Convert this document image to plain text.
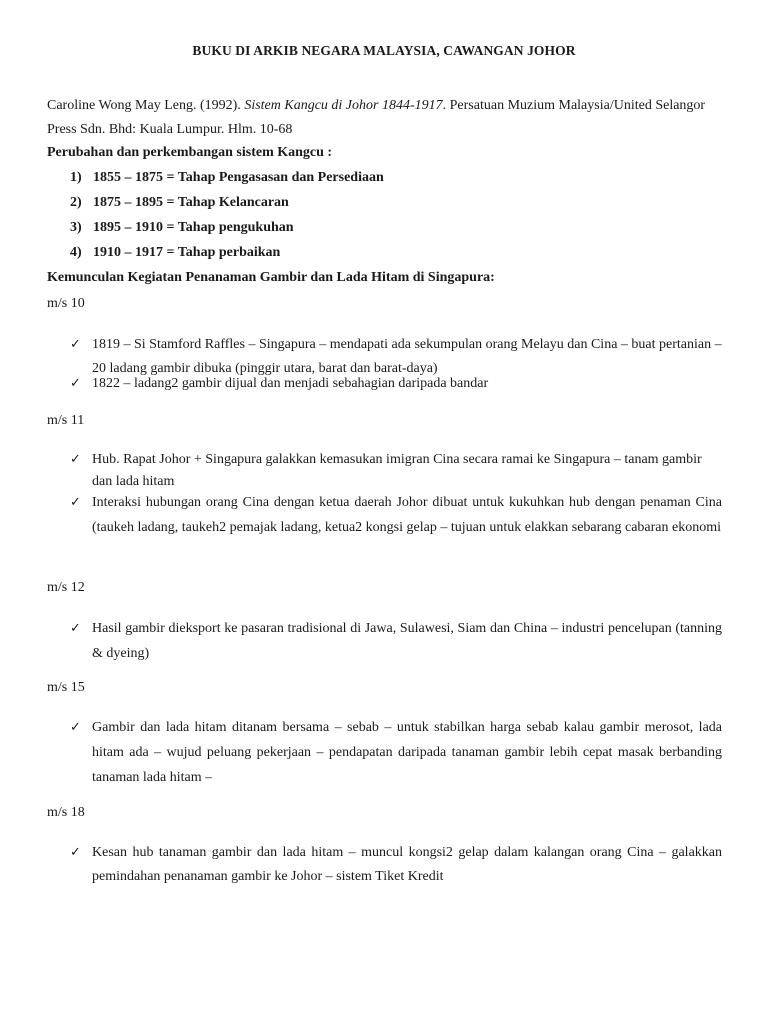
BUKU DI ARKIB NEGARA MALAYSIA, CAWANGAN JOHOR
Caroline Wong May Leng. (1992). Sistem Kangcu di Johor 1844-1917. Persatuan Muzium Malaysia/United Selangor Press Sdn. Bhd: Kuala Lumpur. Hlm. 10-68
Perubahan dan perkembangan sistem Kangcu :
1) 1855 – 1875 = Tahap Pengasasan dan Persediaan
2) 1875 – 1895 = Tahap Kelancaran
3) 1895 – 1910 = Tahap pengukuhan
4) 1910 – 1917 = Tahap perbaikan
Kemunculan Kegiatan Penanaman Gambir dan Lada Hitam di Singapura:
m/s 10
✓ 1819 – Si Stamford Raffles – Singapura – mendapati ada sekumpulan orang Melayu dan Cina – buat pertanian – 20 ladang gambir dibuka (pinggir utara, barat dan barat-daya)
✓ 1822 – ladang2 gambir dijual dan menjadi sebahagian daripada bandar
m/s 11
✓ Hub. Rapat Johor + Singapura galakkan kemasukan imigran Cina secara ramai ke Singapura – tanam gambir dan lada hitam
✓ Interaksi hubungan orang Cina dengan ketua daerah Johor dibuat untuk kukuhkan hub dengan penaman Cina (taukeh ladang, taukeh2 pemajak ladang, ketua2 kongsi gelap – tujuan untuk elakkan sebarang cabaran ekonomi
m/s 12
✓ Hasil gambir dieksport ke pasaran tradisional di Jawa, Sulawesi, Siam dan China – industri pencelupan (tanning & dyeing)
m/s 15
✓ Gambir dan lada hitam ditanam bersama – sebab – untuk stabilkan harga sebab kalau gambir merosot, lada hitam ada – wujud peluang pekerjaan – pendapatan daripada tanaman gambir lebih cepat masak berbanding tanaman lada hitam –
m/s 18
✓ Kesan hub tanaman gambir dan lada hitam – muncul kongsi2 gelap dalam kalangan orang Cina – galakkan pemindahan penanaman gambir ke Johor – sistem Tiket Kredit
